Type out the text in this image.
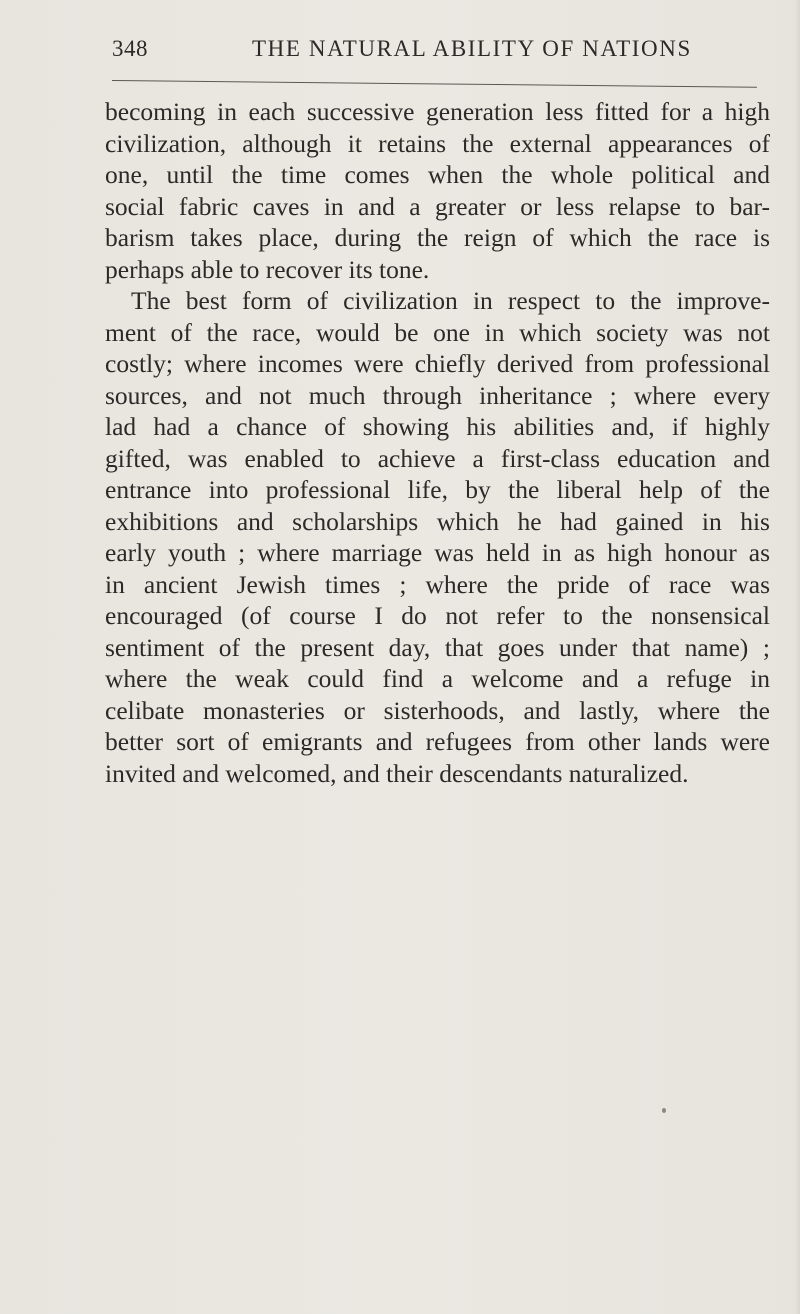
348	THE NATURAL ABILITY OF NATIONS
becoming in each successive generation less fitted for a high
civilization, although it retains the external appearances of
one, until the time comes when the whole political and
social fabric caves in and a greater or less relapse to bar-
barism takes place, during the reign of which the race is
perhaps able to recover its tone.
The best form of civilization in respect to the improve-
ment of the race, would be one in which society was not
costly; where incomes were chiefly derived from professional
sources, and not much through inheritance ; where every
lad had a chance of showing his abilities and, if highly
gifted, was enabled to achieve a first-class education and
entrance into professional life, by the liberal help of the
exhibitions and scholarships which he had gained in his
early youth ; where marriage was held in as high honour as
in ancient Jewish times ; where the pride of race was
encouraged (of course I do not refer to the nonsensical
sentiment of the present day, that goes under that name) ;
where the weak could find a welcome and a refuge in
celibate monasteries or sisterhoods, and lastly, where the
better sort of emigrants and refugees from other lands were
invited and welcomed, and their descendants naturalized.
